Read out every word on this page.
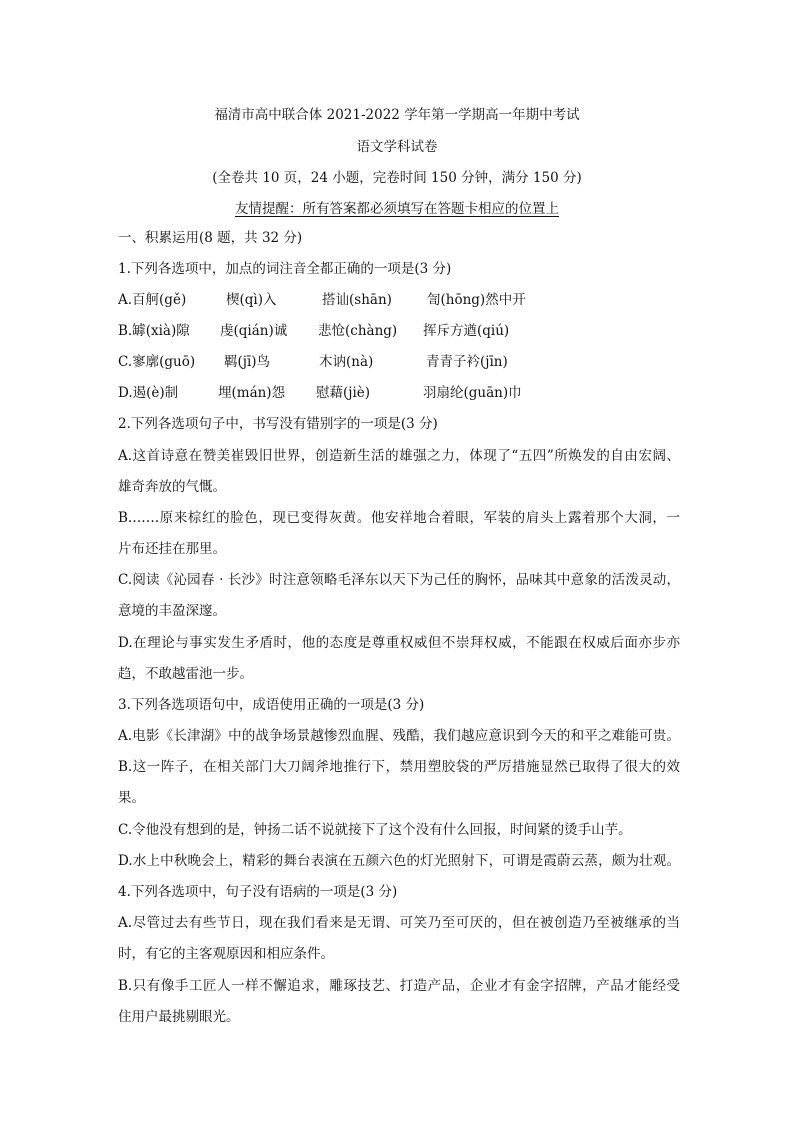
福清市高中联合体 2021-2022 学年第一学期高一年期中考试
语文学科试卷
(全卷共 10 页，24 小题，完卷时间 150 分钟，满分 150 分)
友情提醒：所有答案都必须填写在答题卡相应的位置上
一、积累运用(8 题，共 32 分)
1.下列各选项中，加点的词注音全都正确的一项是(3 分)
A.百舸(gě)	楔(qì)入	搭讪(shān)	訇(hōng)然中开
B.罅(xià)隙 虔(qián)诚 悲怆(chàng) 挥斥方遒(qiú)
C.寥廓(guō) 羁(jī)鸟	木讷(nà)	青青子衿(jīn)
D.遏(è)制	埋(mán)怨 慰藉(jiè)	羽扇纶(guān)巾
2.下列各选项句子中，书写没有错别字的一项是(3 分)
A.这首诗意在赞美崔毁旧世界，创造新生活的雄强之力，体现了“五四”所焕发的自由宏阔、
雄奇奔放的气慨。
B.……原来棕红的脸色，现已变得灰黄。他安祥地合着眼，军装的肩头上露着那个大洞，一
片布还挂在那里。
C.阅读《沁园春 · 长沙》时注意领略毛泽东以天下为己任的胸怀，品味其中意象的活泼灵动，
意境的丰盈深邃。
D.在理论与事实发生矛盾时，他的态度是尊重权威但不崇拜权威，不能跟在权威后面亦步亦
趋，不敢越雷池一步。
3.下列各选项语句中，成语使用正确的一项是(3 分)
A.电影《长津湖》中的战争场景越惨烈血腥、残酷，我们越应意识到今天的和平之难能可贵。
B.这一阵子，在相关部门大刀阔斧地推行下，禁用塑胶袋的严厉措施显然已取得了很大的效
果。
C.令他没有想到的是，钟扬二话不说就接下了这个没有什么回报，时间紧的烫手山芋。
D.水上中秋晚会上，精彩的舞台表演在五颜六色的灯光照射下，可谓是霞蔚云蒸，颇为壮观。
4.下列各选项中，句子没有语病的一项是(3 分)
A.尽管过去有些节日，现在我们看来是无谓、可笑乃至可厌的，但在被创造乃至被继承的当
时，有它的主客观原因和相应条件。
B.只有像手工匠人一样不懈追求，雕琢技艺、打造产品，企业才有金字招牌，产品才能经受
住用户最挑剔眼光。
